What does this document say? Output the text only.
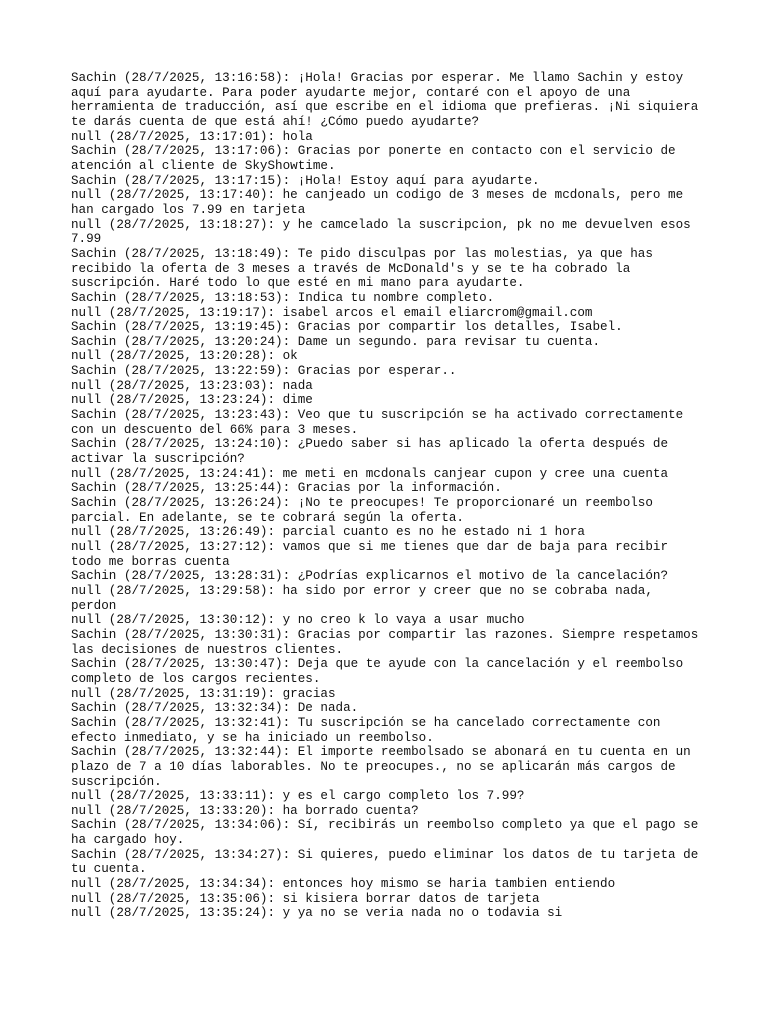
Sachin (28/7/2025, 13:16:58): ¡Hola! Gracias por esperar. Me llamo Sachin y estoy aquí para ayudarte. Para poder ayudarte mejor, contaré con el apoyo de una herramienta de traducción, así que escribe en el idioma que prefieras. ¡Ni siquiera te darás cuenta de que está ahí! ¿Cómo puedo ayudarte?

null (28/7/2025, 13:17:01): hola

Sachin (28/7/2025, 13:17:06): Gracias por ponerte en contacto con el servicio de atención al cliente de SkyShowtime.

Sachin (28/7/2025, 13:17:15): ¡Hola! Estoy aquí para ayudarte.

null (28/7/2025, 13:17:40): he canjeado un codigo de 3 meses de mcdonals, pero me han cargado los 7.99 en tarjeta

null (28/7/2025, 13:18:27): y he camcelado la suscripcion, pk no me devuelven esos 7.99

Sachin (28/7/2025, 13:18:49): Te pido disculpas por las molestias, ya que has recibido la oferta de 3 meses a través de McDonald's y se te ha cobrado la suscripción. Haré todo lo que esté en mi mano para ayudarte.

Sachin (28/7/2025, 13:18:53): Indica tu nombre completo.

null (28/7/2025, 13:19:17): isabel arcos el email eliarcrom@gmail.com

Sachin (28/7/2025, 13:19:45): Gracias por compartir los detalles, Isabel.

Sachin (28/7/2025, 13:20:24): Dame un segundo. para revisar tu cuenta.

null (28/7/2025, 13:20:28): ok

Sachin (28/7/2025, 13:22:59): Gracias por esperar..

null (28/7/2025, 13:23:03): nada

null (28/7/2025, 13:23:24): dime

Sachin (28/7/2025, 13:23:43): Veo que tu suscripción se ha activado correctamente con un descuento del 66% para 3 meses.

Sachin (28/7/2025, 13:24:10): ¿Puedo saber si has aplicado la oferta después de activar la suscripción?

null (28/7/2025, 13:24:41): me meti en mcdonals canjear cupon y cree una cuenta

Sachin (28/7/2025, 13:25:44): Gracias por la información.

Sachin (28/7/2025, 13:26:24): ¡No te preocupes! Te proporcionaré un reembolso parcial. En adelante, se te cobrará según la oferta.

null (28/7/2025, 13:26:49): parcial cuanto es no he estado ni 1 hora

null (28/7/2025, 13:27:12): vamos que si me tienes que dar de baja para recibir todo me borras cuenta

Sachin (28/7/2025, 13:28:31): ¿Podrías explicarnos el motivo de la cancelación?

null (28/7/2025, 13:29:58): ha sido por error y creer que no se cobraba nada, perdon

null (28/7/2025, 13:30:12): y no creo k lo vaya a usar mucho

Sachin (28/7/2025, 13:30:31): Gracias por compartir las razones. Siempre respetamos las decisiones de nuestros clientes.

Sachin (28/7/2025, 13:30:47): Deja que te ayude con la cancelación y el reembolso completo de los cargos recientes.

null (28/7/2025, 13:31:19): gracias

Sachin (28/7/2025, 13:32:34): De nada.

Sachin (28/7/2025, 13:32:41): Tu suscripción se ha cancelado correctamente con efecto inmediato, y se ha iniciado un reembolso.

Sachin (28/7/2025, 13:32:44): El importe reembolsado se abonará en tu cuenta en un plazo de 7 a 10 días laborables. No te preocupes., no se aplicarán más cargos de suscripción.

null (28/7/2025, 13:33:11): y es el cargo completo los 7.99?

null (28/7/2025, 13:33:20): ha borrado cuenta?

Sachin (28/7/2025, 13:34:06): Sí, recibirás un reembolso completo ya que el pago se ha cargado hoy.

Sachin (28/7/2025, 13:34:27): Si quieres, puedo eliminar los datos de tu tarjeta de tu cuenta.

null (28/7/2025, 13:34:34): entonces hoy mismo se haria tambien entiendo

null (28/7/2025, 13:35:06): si kisiera borrar datos de tarjeta

null (28/7/2025, 13:35:24): y ya no se veria nada no o todavia si
